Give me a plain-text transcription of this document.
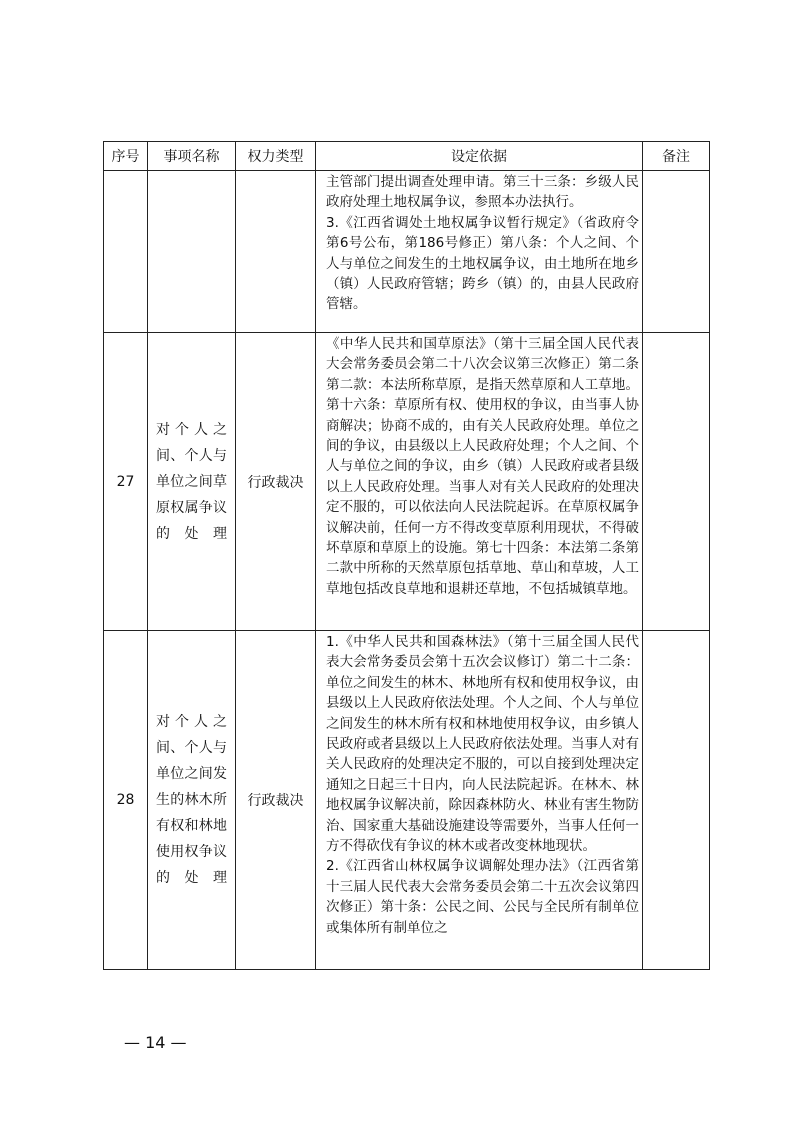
序号	事项名称	权力类型	设定依据	备注

			主管部门提出调查处理申请。第三十三条：乡级人民政府处理土地权属争议，参照本办法执行。
3.《江西省调处土地权属争议暂行规定》（省政府令第6号公布，第186号修正）第八条：个人之间、个人与单位之间发生的土地权属争议，由土地所在地乡（镇）人民政府管辖；跨乡（镇）的，由县人民政府管辖。	

27	对个人之间、个人与单位之间草原权属争议的处理	行政裁决	《中华人民共和国草原法》（第十三届全国人民代表大会常务委员会第二十八次会议第三次修正）第二条第二款：本法所称草原，是指天然草原和人工草地。第十六条：草原所有权、使用权的争议，由当事人协商解决；协商不成的，由有关人民政府处理。单位之间的争议，由县级以上人民政府处理；个人之间、个人与单位之间的争议，由乡（镇）人民政府或者县级以上人民政府处理。当事人对有关人民政府的处理决定不服的，可以依法向人民法院起诉。在草原权属争议解决前，任何一方不得改变草原利用现状，不得破坏草原和草原上的设施。第七十四条：本法第二条第二款中所称的天然草原包括草地、草山和草坡，人工草地包括改良草地和退耕还草地，不包括城镇草地。	

28	对个人之间、个人与单位之间发生的林木所有权和林地使用权争议的处理	行政裁决	1.《中华人民共和国森林法》（第十三届全国人民代表大会常务委员会第十五次会议修订）第二十二条：单位之间发生的林木、林地所有权和使用权争议，由县级以上人民政府依法处理。个人之间、个人与单位之间发生的林木所有权和林地使用权争议，由乡镇人民政府或者县级以上人民政府依法处理。当事人对有关人民政府的处理决定不服的，可以自接到处理决定通知之日起三十日内，向人民法院起诉。在林木、林地权属争议解决前，除因森林防火、林业有害生物防治、国家重大基础设施建设等需要外，当事人任何一方不得砍伐有争议的林木或者改变林地现状。
2.《江西省山林权属争议调解处理办法》（江西省第十三届人民代表大会常务委员会第二十五次会议第四次修正）第十条：公民之间、公民与全民所有制单位或集体所有制单位之	

— 14 —
